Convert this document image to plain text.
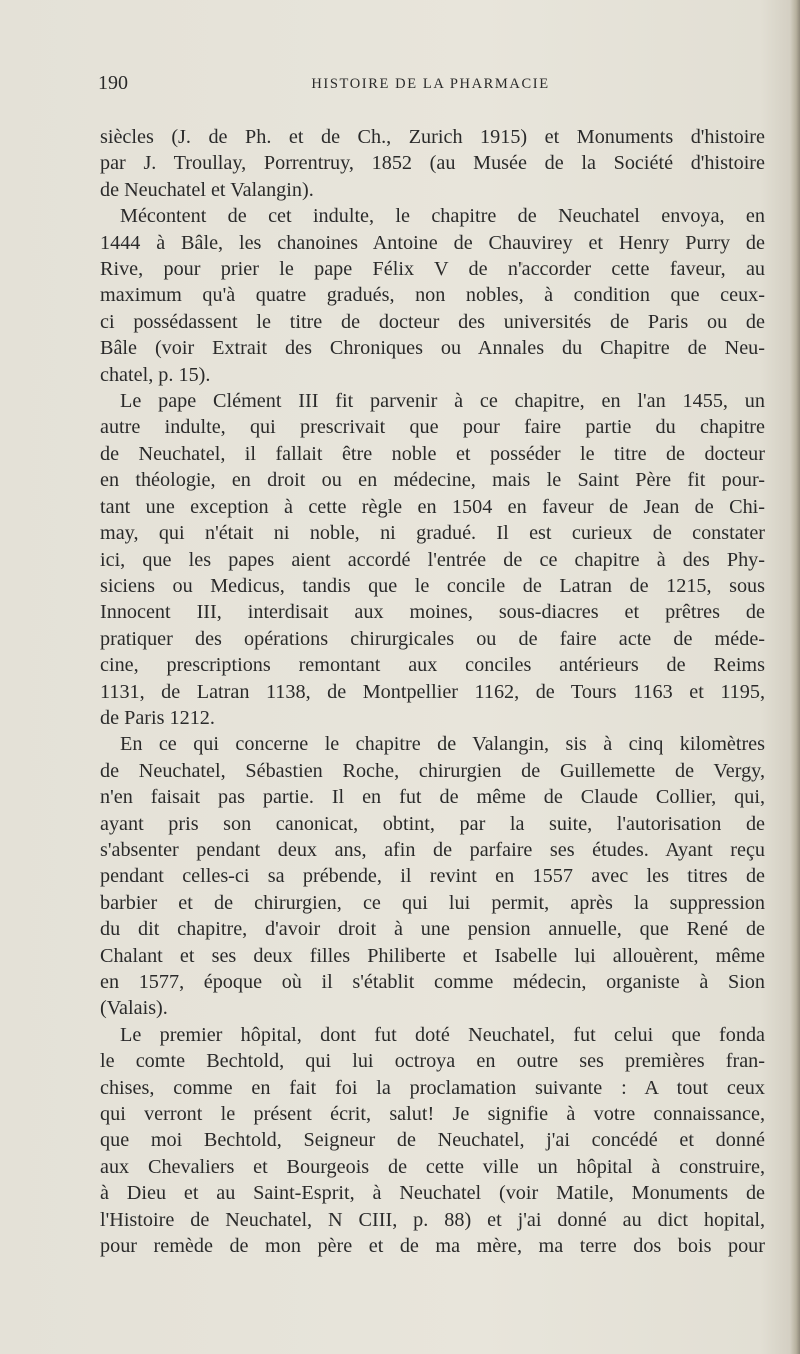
190	HISTOIRE DE LA PHARMACIE

siècles (J. de Ph. et de Ch., Zurich 1915) et Monuments d'histoire
par J. Troullay, Porrentruy, 1852 (au Musée de la Société d'histoire
de Neuchatel et Valangin).

Mécontent de cet indulte, le chapitre de Neuchatel envoya, en
1444 à Bâle, les chanoines Antoine de Chauvirey et Henry Purry de
Rive, pour prier le pape Félix V de n'accorder cette faveur, au
maximum qu'à quatre gradués, non nobles, à condition que ceux-
ci possédassent le titre de docteur des universités de Paris ou de
Bâle (voir Extrait des Chroniques ou Annales du Chapitre de Neu-
chatel, p. 15).

Le pape Clément III fit parvenir à ce chapitre, en l'an 1455, un
autre indulte, qui prescrivait que pour faire partie du chapitre
de Neuchatel, il fallait être noble et posséder le titre de docteur
en théologie, en droit ou en médecine, mais le Saint Père fit pour-
tant une exception à cette règle en 1504 en faveur de Jean de Chi-
may, qui n'était ni noble, ni gradué. Il est curieux de constater
ici, que les papes aient accordé l'entrée de ce chapitre à des Phy-
siciens ou Medicus, tandis que le concile de Latran de 1215, sous
Innocent III, interdisait aux moines, sous-diacres et prêtres de
pratiquer des opérations chirurgicales ou de faire acte de méde-
cine, prescriptions remontant aux conciles antérieurs de Reims
1131, de Latran 1138, de Montpellier 1162, de Tours 1163 et 1195,
de Paris 1212.

En ce qui concerne le chapitre de Valangin, sis à cinq kilomètres
de Neuchatel, Sébastien Roche, chirurgien de Guillemette de Vergy,
n'en faisait pas partie. Il en fut de même de Claude Collier, qui,
ayant pris son canonicat, obtint, par la suite, l'autorisation de
s'absenter pendant deux ans, afin de parfaire ses études. Ayant reçu
pendant celles-ci sa prébende, il revint en 1557 avec les titres de
barbier et de chirurgien, ce qui lui permit, après la suppression
du dit chapitre, d'avoir droit à une pension annuelle, que René de
Chalant et ses deux filles Philiberte et Isabelle lui allouèrent, même
en 1577, époque où il s'établit comme médecin, organiste à Sion
(Valais).

Le premier hôpital, dont fut doté Neuchatel, fut celui que fonda
le comte Bechtold, qui lui octroya en outre ses premières fran-
chises, comme en fait foi la proclamation suivante : A tout ceux
qui verront le présent écrit, salut! Je signifie à votre connaissance,
que moi Bechtold, Seigneur de Neuchatel, j'ai concédé et donné
aux Chevaliers et Bourgeois de cette ville un hôpital à construire,
à Dieu et au Saint-Esprit, à Neuchatel (voir Matile, Monuments de
l'Histoire de Neuchatel, N CIII, p. 88) et j'ai donné au dict hopital,
pour remède de mon père et de ma mère, ma terre dos bois pour
